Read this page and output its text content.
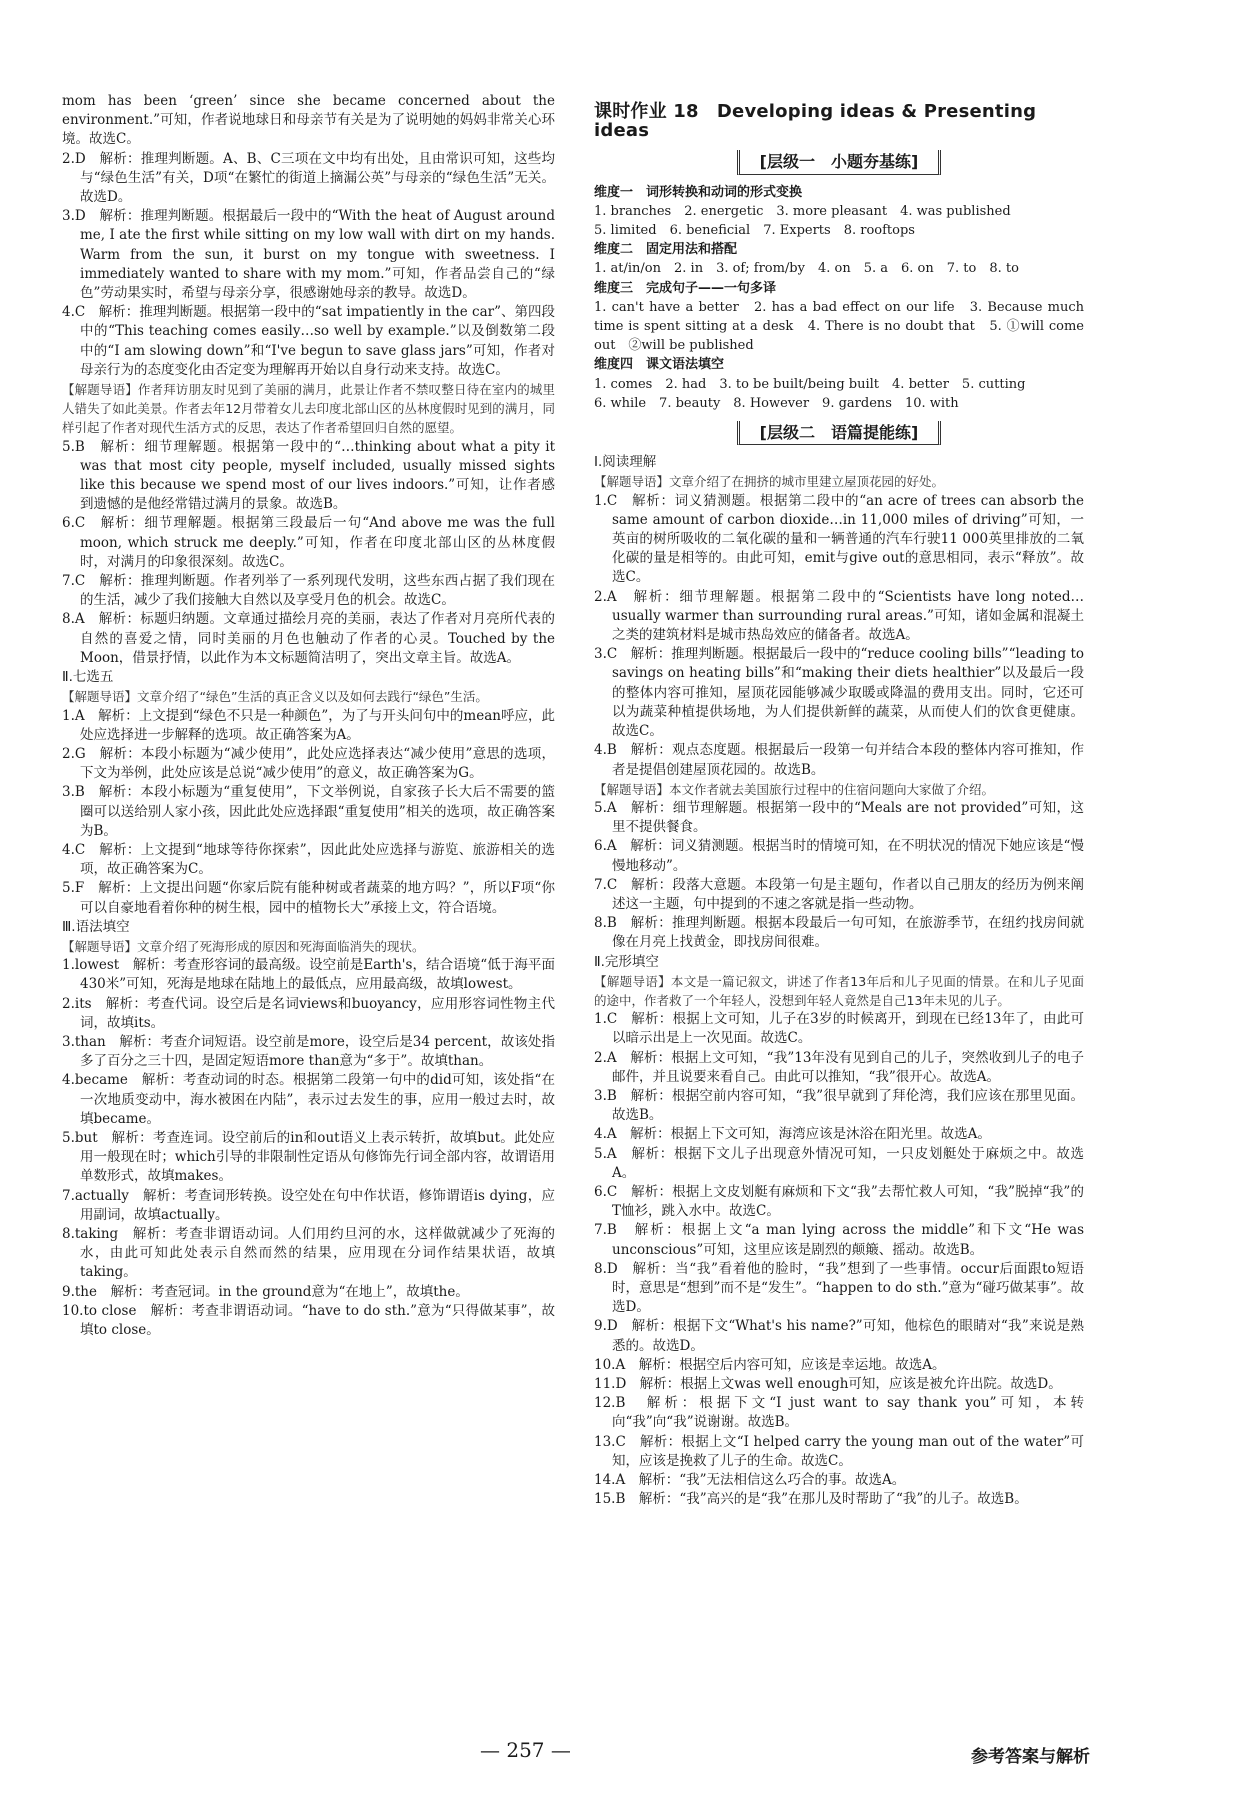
mom has been ‘green’ since she became concerned about the environment.”可知，作者说地球日和母亲节有关是为了说明她的妈妈非常关心环境。故选C。

2.D　解析：推理判断题。A、B、C三项在文中均有出处，且由常识可知，这些均与“绿色生活”有关，D项“在繁忙的街道上摘漏公英”与母亲的“绿色生活”无关。故选D。

3.D　解析：推理判断题。根据最后一段中的“With the heat of August around me, I ate the first while sitting on my low wall with dirt on my hands. Warm from the sun, it burst on my tongue with sweetness. I immediately wanted to share with my mom.”可知，作者品尝自己的“绿色”劳动果实时，希望与母亲分享，很感谢她母亲的教导。故选D。

4.C　解析：推理判断题。根据第一段中的“sat impatiently in the car”、第四段中的“This teaching comes easily…so well by example.”以及倒数第二段中的“I am slowing down”和“I've begun to save glass jars”可知，作者对母亲行为的态度变化由否定变为理解再开始以自身行动来支持。故选C。

【解题导语】作者拜访朋友时见到了美丽的满月，此景让作者不禁叹整日待在室内的城里人错失了如此美景。作者去年12月带着女儿去印度北部山区的丛林度假时见到的满月，同样引起了作者对现代生活方式的反思，表达了作者希望回归自然的愿望。

5.B　解析：细节理解题。根据第一段中的“…thinking about what a pity it was that most city people, myself included, usually missed sights like this because we spend most of our lives indoors.”可知，让作者感到遗憾的是他经常错过满月的景象。故选B。

6.C　解析：细节理解题。根据第三段最后一句“And above me was the full moon, which struck me deeply.”可知，作者在印度北部山区的丛林度假时，对满月的印象很深刻。故选C。

7.C　解析：推理判断题。作者列举了一系列现代发明，这些东西占据了我们现在的生活，减少了我们接触大自然以及享受月色的机会。故选C。

8.A　解析：标题归纳题。文章通过描绘月亮的美丽，表达了作者对月亮所代表的自然的喜爱之情，同时美丽的月色也触动了作者的心灵。Touched by the Moon，借景抒情，以此作为本文标题简洁明了，突出文章主旨。故选A。

Ⅱ.七选五

【解题导语】文章介绍了“绿色”生活的真正含义以及如何去践行“绿色”生活。

1.A　解析：上文提到“绿色不只是一种颜色”，为了与开头问句中的mean呼应，此处应选择进一步解释的选项。故正确答案为A。

2.G　解析：本段小标题为“减少使用”，此处应选择表达“减少使用”意思的选项，下文为举例，此处应该是总说“减少使用”的意义，故正确答案为G。

3.B　解析：本段小标题为“重复使用”，下文举例说，自家孩子长大后不需要的篮圈可以送给别人家小孩，因此此处应选择跟“重复使用”相关的选项，故正确答案为B。

4.C　解析：上文提到“地球等待你探索”，因此此处应选择与游览、旅游相关的选项，故正确答案为C。

5.F　解析：上文提出问题“你家后院有能种树或者蔬菜的地方吗？”，所以F项“你可以自豪地看着你种的树生根，园中的植物长大”承接上文，符合语境。

Ⅲ.语法填空

【解题导语】文章介绍了死海形成的原因和死海面临消失的现状。

1.lowest　解析：考查形容词的最高级。设空前是Earth's，结合语境“低于海平面430米”可知，死海是地球在陆地上的最低点，应用最高级，故填lowest。

2.its　解析：考查代词。设空后是名词views和buoyancy，应用形容词性物主代词，故填its。

3.than　解析：考查介词短语。设空前是more，设空后是34 percent，故该处指多了百分之三十四，是固定短语more than意为“多于”。故填than。

4.became　解析：考查动词的时态。根据第二段第一句中的did可知，该处指“在一次地质变动中，海水被困在内陆”，表示过去发生的事，应用一般过去时，故填became。

5.but　解析：考查连词。设空前后的in和out语义上表示转折，故填but。此处应用一般现在时；which引导的非限制性定语从句修饰先行词全部内容，故谓语用单数形式，故填makes。

7.actually　解析：考查词形转换。设空处在句中作状语，修饰谓语is dying，应用副词，故填actually。

8.taking　解析：考查非谓语动词。人们用约旦河的水，这样做就减少了死海的水，由此可知此处表示自然而然的结果，应用现在分词作结果状语，故填taking。

9.the　解析：考查冠词。in the ground意为“在地上”，故填the。

10.to close　解析：考查非谓语动词。“have to do sth.”意为“只得做某事”，故填to close。

课时作业 18　Developing ideas & Presenting ideas
[层级一　小题夯基练]

维度一　词形转换和动词的形式变换

1. branches　2. energetic　3. more pleasant　4. was published

5. limited　6. beneficial　7. Experts　8. rooftops

维度二　固定用法和搭配

1. at/in/on　2. in　3. of; from/by　4. on　5. a　6. on　7. to　8. to

维度三　完成句子——一句多译

1. can't have a better　2. has a bad effect on our life　3. Because much time is spent sitting at a desk　4. There is no doubt that　5. ①will come out　②will be published

维度四　课文语法填空

1. comes　2. had　3. to be built/being built　4. better　5. cutting

6. while　7. beauty　8. However　9. gardens　10. with

[层级二　语篇提能练]

Ⅰ.阅读理解

【解题导语】文章介绍了在拥挤的城市里建立屋顶花园的好处。

1.C　解析：词义猜测题。根据第二段中的“an acre of trees can absorb the same amount of carbon dioxide…in 11,000 miles of driving”可知，一英亩的树所吸收的二氧化碳的量和一辆普通的汽车行驶11 000英里排放的二氧化碳的量是相等的。由此可知，emit与give out的意思相同，表示“释放”。故选C。

2.A　解析：细节理解题。根据第二段中的“Scientists have long noted…usually warmer than surrounding rural areas.”可知，诸如金属和混凝土之类的建筑材料是城市热岛效应的储备者。故选A。

3.C　解析：推理判断题。根据最后一段中的“reduce cooling bills”“leading to savings on heating bills”和“making their diets healthier”以及最后一段的整体内容可推知，屋顶花园能够减少取暖或降温的费用支出。同时，它还可以为蔬菜种植提供场地，为人们提供新鲜的蔬菜，从而使人们的饮食更健康。故选C。

4.B　解析：观点态度题。根据最后一段第一句并结合本段的整体内容可推知，作者是提倡创建屋顶花园的。故选B。

【解题导语】本文作者就去美国旅行过程中的住宿问题向大家做了介绍。

5.A　解析：细节理解题。根据第一段中的“Meals are not provided”可知，这里不提供餐食。

6.A　解析：词义猜测题。根据当时的情境可知，在不明状况的情况下她应该是“慢慢地移动”。

7.C　解析：段落大意题。本段第一句是主题句，作者以自己朋友的经历为例来阐述这一主题，句中提到的不速之客就是指一些动物。

8.B　解析：推理判断题。根据本段最后一句可知，在旅游季节，在纽约找房间就像在月亮上找黄金，即找房间很难。

Ⅱ.完形填空

【解题导语】本文是一篇记叙文，讲述了作者13年后和儿子见面的情景。在和儿子见面的途中，作者救了一个年轻人，没想到年轻人竟然是自己13年未见的儿子。

1.C　解析：根据上文可知，儿子在3岁的时候离开，到现在已经13年了，由此可以暗示出是上一次见面。故选C。

2.A　解析：根据上文可知，“我”13年没有见到自己的儿子，突然收到儿子的电子邮件，并且说要来看自己。由此可以推知，“我”很开心。故选A。

3.B　解析：根据空前内容可知，“我”很早就到了拜伦湾，我们应该在那里见面。故选B。

4.A　解析：根据上下文可知，海湾应该是沐浴在阳光里。故选A。

5.A　解析：根据下文儿子出现意外情况可知，一只皮划艇处于麻烦之中。故选A。

6.C　解析：根据上文皮划艇有麻烦和下文“我”去帮忙救人可知，“我”脱掉“我”的T恤衫，跳入水中。故选C。

7.B　解析：根据上文“a man lying across the middle”和下文“He was unconscious”可知，这里应该是剧烈的颠簸、摇动。故选B。

8.D　解析：当“我”看着他的脸时，“我”想到了一些事情。occur后面跟to短语时，意思是“想到”而不是“发生”。“happen to do sth.”意为“碰巧做某事”。故选D。

9.D　解析：根据下文“What's his name?”可知，他棕色的眼睛对“我”来说是熟悉的。故选D。

10.A　解析：根据空后内容可知，应该是幸运地。故选A。

11.D　解析：根据上文was well enough可知，应该是被允许出院。故选D。

12.B　解析：根据下文“I just want to say thank you”可知，本转向“我”向“我”说谢谢。故选B。

13.C　解析：根据上文“I helped carry the young man out of the water”可知，应该是挽救了儿子的生命。故选C。

14.A　解析：“我”无法相信这么巧合的事。故选A。

15.B　解析：“我”高兴的是“我”在那儿及时帮助了“我”的儿子。故选B。

— 257 —	参考答案与解析
